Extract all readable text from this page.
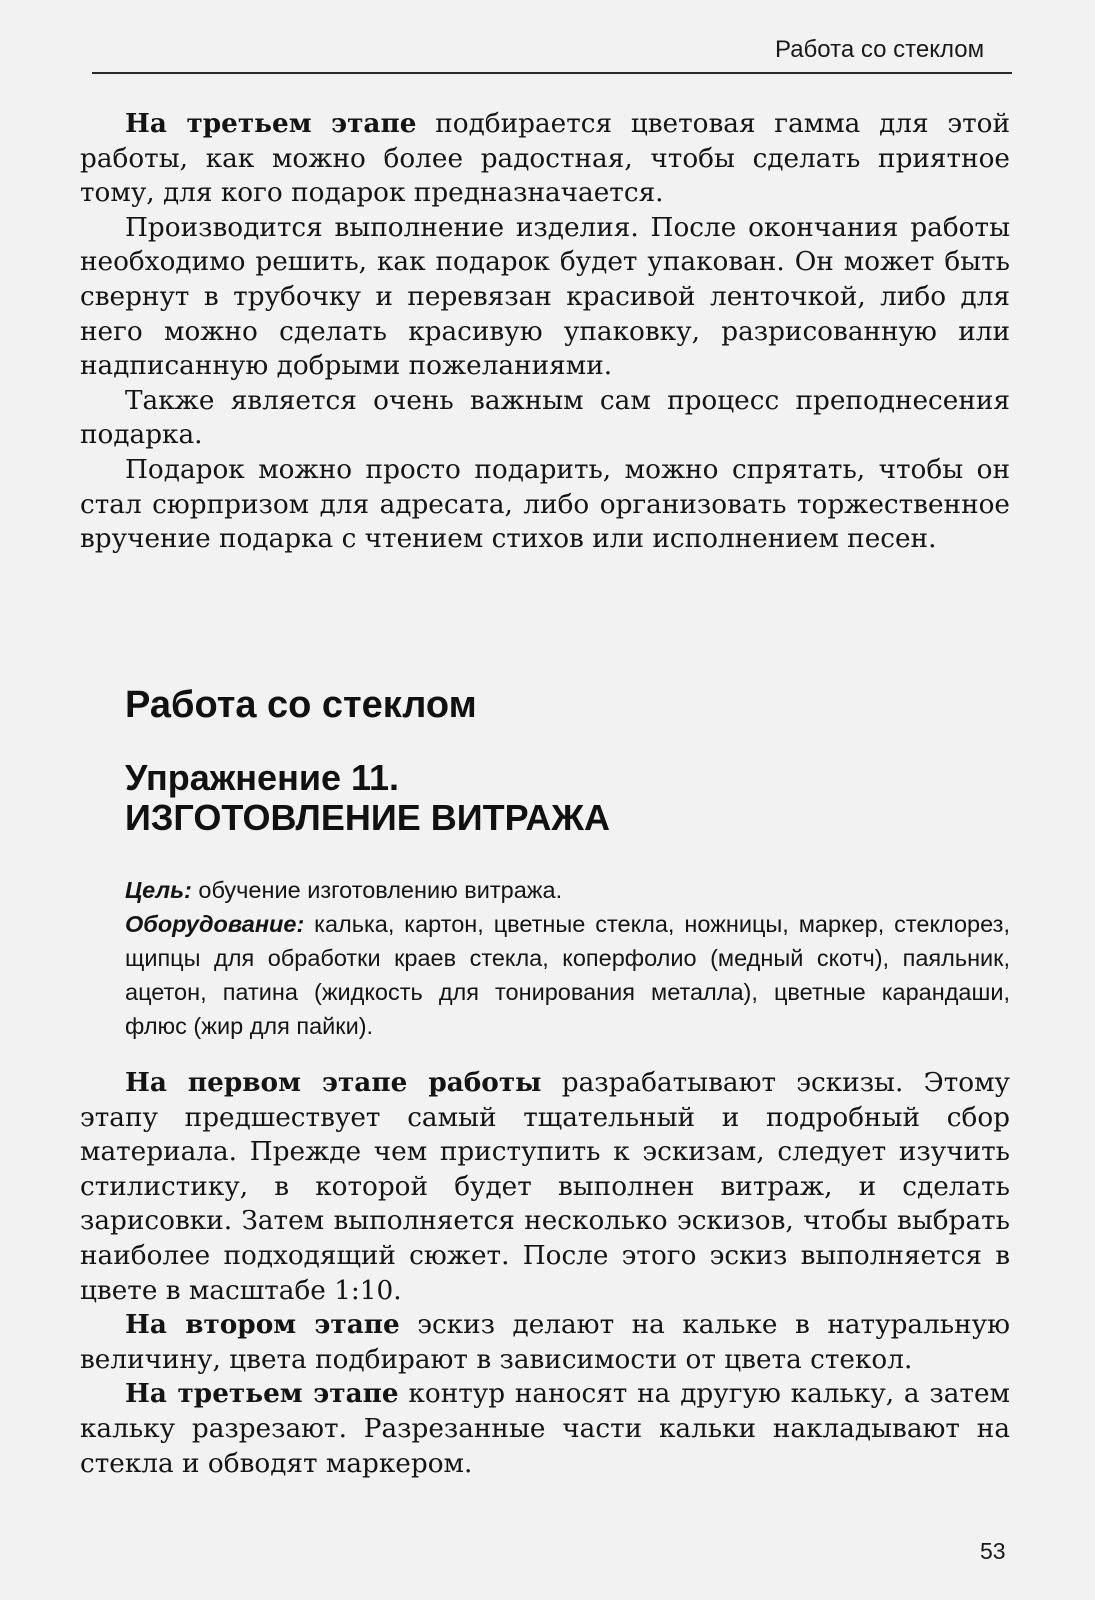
Работа со стеклом

На третьем этапе подбирается цветовая гамма для этой работы, как можно более радостная, чтобы сделать приятное тому, для кого подарок предназначается.

Производится выполнение изделия. После окончания работы необходимо решить, как подарок будет упакован. Он может быть свернут в трубочку и перевязан красивой ленточкой, либо для него можно сделать красивую упаковку, разрисованную или надписанную добрыми пожеланиями.

Также является очень важным сам процесс преподнесения подарка.

Подарок можно просто подарить, можно спрятать, чтобы он стал сюрпризом для адресата, либо организовать торжественное вручение подарка с чтением стихов или исполнением песен.

Работа со стеклом
Упражнение 11.
ИЗГОТОВЛЕНИЕ ВИТРАЖА

Цель: обучение изготовлению витража.

Оборудование: калька, картон, цветные стекла, ножницы, маркер, стеклорез, щипцы для обработки краев стекла, коперфолио (медный скотч), паяльник, ацетон, патина (жидкость для тонирования металла), цветные карандаши, флюс (жир для пайки).

На первом этапе работы разрабатывают эскизы. Этому этапу предшествует самый тщательный и подробный сбор материала. Прежде чем приступить к эскизам, следует изучить стилистику, в которой будет выполнен витраж, и сделать зарисовки. Затем выполняется несколько эскизов, чтобы выбрать наиболее подходящий сюжет. После этого эскиз выполняется в цвете в масштабе 1:10.

На втором этапе эскиз делают на кальке в натуральную величину, цвета подбирают в зависимости от цвета стекол.

На третьем этапе контур наносят на другую кальку, а затем кальку разрезают. Разрезанные части кальки накладывают на стекла и обводят маркером.

53
